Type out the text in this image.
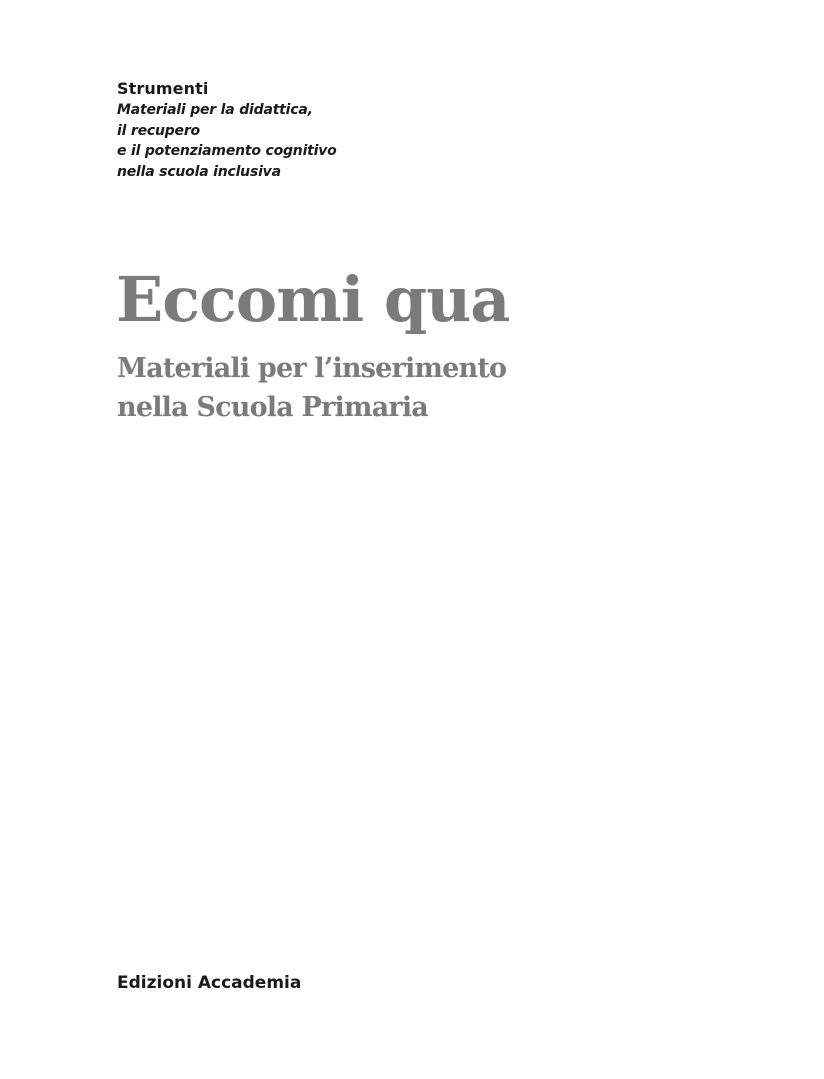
Strumenti

Materiali per la didattica,
il recupero
e il potenziamento cognitivo
nella scuola inclusiva
Eccomi qua
Materiali per l’inserimento
nella Scuola Primaria

Edizioni Accademia
